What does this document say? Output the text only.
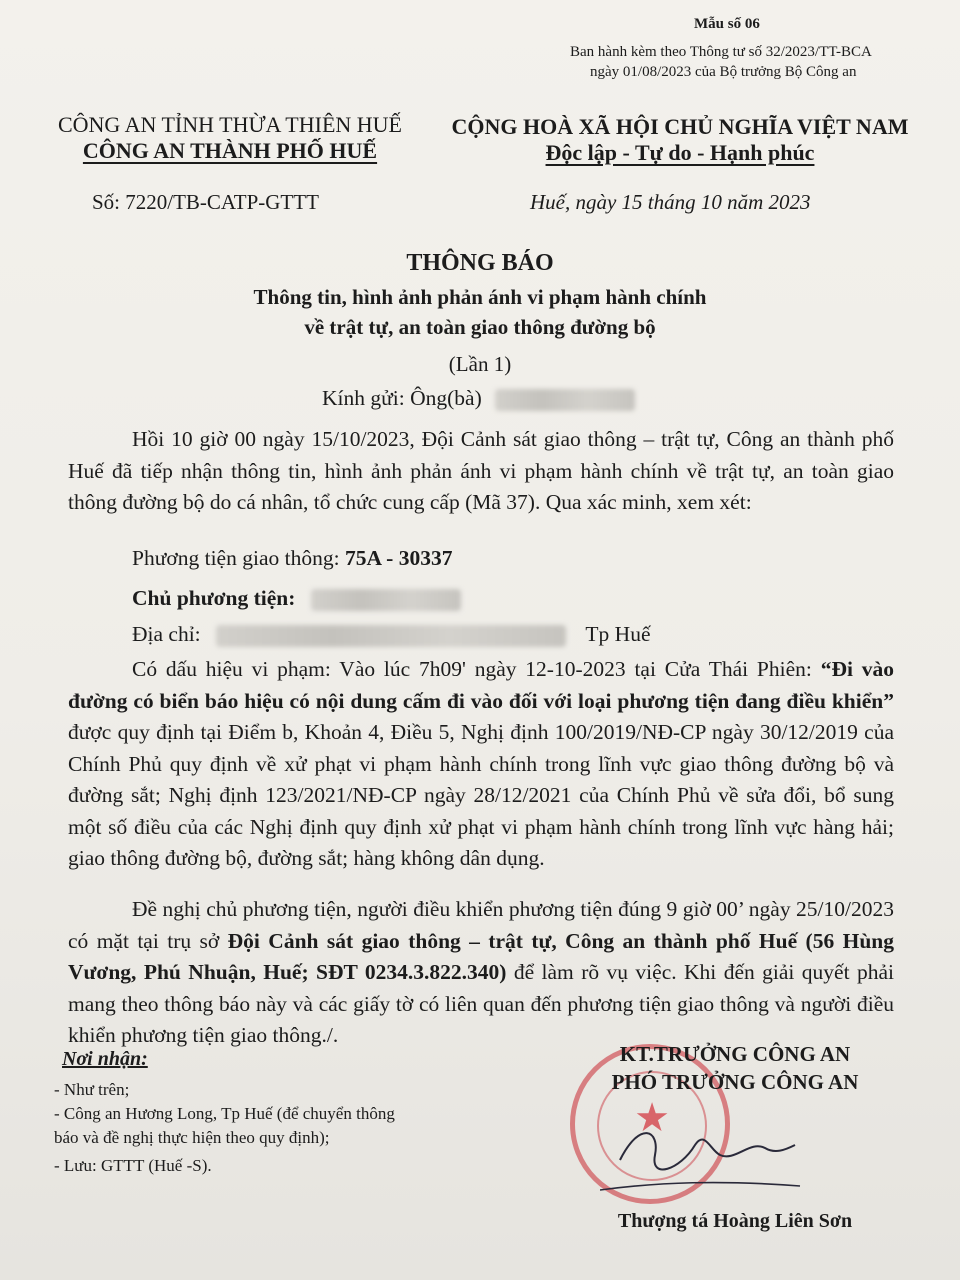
Mẫu số 06
Ban hành kèm theo Thông tư số 32/2023/TT-BCA
ngày 01/08/2023 của Bộ trưởng Bộ Công an
CÔNG AN TỈNH THỪA THIÊN HUẾ
CÔNG AN THÀNH PHỐ HUẾ
CỘNG HOÀ XÃ HỘI CHỦ NGHĨA VIỆT NAM
Độc lập - Tự do - Hạnh phúc
Số: 7220/TB-CATP-GTTT	Huế, ngày 15 tháng 10 năm 2023
THÔNG BÁO
Thông tin, hình ảnh phản ánh vi phạm hành chính
về trật tự, an toàn giao thông đường bộ
(Lần 1)
Kính gửi: Ông(bà)
Hồi 10 giờ 00 ngày 15/10/2023, Đội Cảnh sát giao thông – trật tự, Công an thành phố Huế đã tiếp nhận thông tin, hình ảnh phản ánh vi phạm hành chính về trật tự, an toàn giao thông đường bộ do cá nhân, tổ chức cung cấp (Mã 37). Qua xác minh, xem xét:
Phương tiện giao thông: 75A - 30337
Chủ phương tiện:
Địa chỉ:	Tp Huế
Có dấu hiệu vi phạm: Vào lúc 7h09' ngày 12-10-2023 tại Cửa Thái Phiên: “Đi vào đường có biển báo hiệu có nội dung cấm đi vào đối với loại phương tiện đang điều khiển” được quy định tại Điểm b, Khoản 4, Điều 5, Nghị định 100/2019/NĐ-CP ngày 30/12/2019 của Chính Phủ quy định về xử phạt vi phạm hành chính trong lĩnh vực giao thông đường bộ và đường sắt; Nghị định 123/2021/NĐ-CP ngày 28/12/2021 của Chính Phủ về sửa đổi, bổ sung một số điều của các Nghị định quy định xử phạt vi phạm hành chính trong lĩnh vực hàng hải; giao thông đường bộ, đường sắt; hàng không dân dụng.
Đề nghị chủ phương tiện, người điều khiển phương tiện đúng 9 giờ 00’ ngày 25/10/2023 có mặt tại trụ sở Đội Cảnh sát giao thông – trật tự, Công an thành phố Huế (56 Hùng Vương, Phú Nhuận, Huế; SĐT 0234.3.822.340) để làm rõ vụ việc. Khi đến giải quyết phải mang theo thông báo này và các giấy tờ có liên quan đến phương tiện giao thông và người điều khiển phương tiện giao thông./.
Nơi nhận:
- Như trên;
- Công an Hương Long, Tp Huế (để chuyển thông
báo và đề nghị thực hiện theo quy định);
- Lưu: GTTT (Huế -S).
★
KT.TRƯỞNG CÔNG AN
PHÓ TRƯỞNG CÔNG AN
Thượng tá Hoàng Liên Sơn
